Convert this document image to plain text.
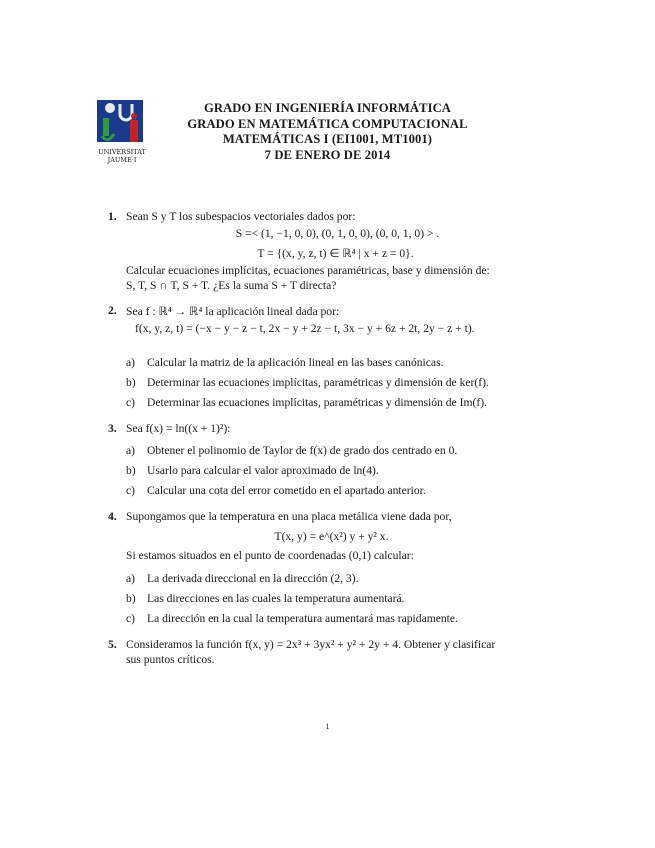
UNIVERSITAT
JAUME·I
GRADO EN INGENIERÍA INFORMÁTICA
GRADO EN MATEMÁTICA COMPUTACIONAL
MATEMÁTICAS I (EI1001, MT1001)
7 DE ENERO DE 2014
1. Sean S y T los subespacios vectoriales dados por:
S =< (1, −1, 0, 0), (0, 1, 0, 0), (0, 0, 1, 0) > .
T = {(x, y, z, t) ∈ ℝ⁴ | x + z = 0}.
Calcular ecuaciones implícitas, ecuaciones paramétricas, base y dimensión de:
S, T, S ∩ T, S + T. ¿Es la suma S + T directa?
2. Sea f : ℝ⁴ → ℝ⁴ la aplicación lineal dada por:
f(x, y, z, t) = (−x − y − z − t, 2x − y + 2z − t, 3x − y + 6z + 2t, 2y − z + t).
a) Calcular la matriz de la aplicación lineal en las bases canónicas.
b) Determinar las ecuaciones implícitas, paramétricas y dimensión de ker(f).
c) Determinar las ecuaciones implícitas, paramétricas y dimensión de Im(f).
3. Sea f(x) = ln((x + 1)²):
a) Obtener el polinomio de Taylor de f(x) de grado dos centrado en 0.
b) Usarlo para calcular el valor aproximado de ln(4).
c) Calcular una cota del error cometido en el apartado anterior.
4. Supongamos que la temperatura en una placa metálica viene dada por,
T(x, y) = e^(x²) y + y² x.
Si estamos situados en el punto de coordenadas (0,1) calcular:
a) La derivada direccional en la dirección (2, 3).
b) Las direcciones en las cuales la temperatura aumentará.
c) La dirección en la cual la temperatura aumentará mas rapidamente.
5. Consideramos la función f(x, y) = 2x³ + 3yx² + y² + 2y + 4. Obtener y clasificar
sus puntos críticos.
1
